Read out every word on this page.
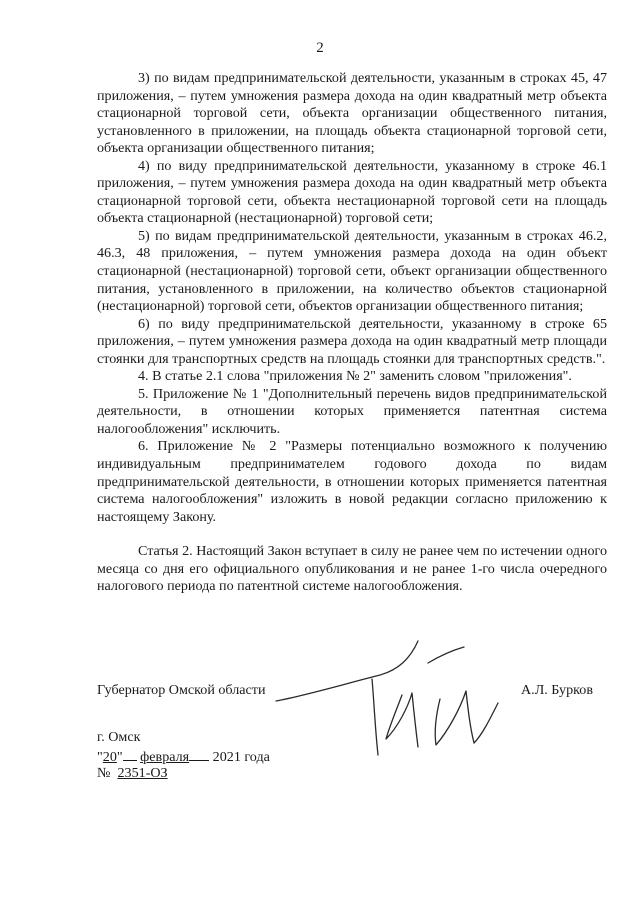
2

3) по видам предпринимательской деятельности, указанным в строках 45, 47 приложения, – путем умножения размера дохода на один квадратный метр объекта стационарной торговой сети, объекта организации общественного питания, установленного в приложении, на площадь объекта стационарной торговой сети, объекта организации общественного питания;

4) по виду предпринимательской деятельности, указанному в строке 46.1 приложения, – путем умножения размера дохода на один квадратный метр объекта стационарной торговой сети, объекта нестационарной торговой сети на площадь объекта стационарной (нестационарной) торговой сети;

5) по видам предпринимательской деятельности, указанным в строках 46.2, 46.3, 48 приложения, – путем умножения размера дохода на один объект стационарной (нестационарной) торговой сети, объект организации общественного питания, установленного в приложении, на количество объектов стационарной (нестационарной) торговой сети, объектов организации общественного питания;

6) по виду предпринимательской деятельности, указанному в строке 65 приложения, – путем умножения размера дохода на один квадратный метр площади стоянки для транспортных средств на площадь стоянки для транспортных средств.".

4. В статье 2.1 слова "приложения № 2" заменить словом "приложения".

5. Приложение № 1 "Дополнительный перечень видов предпринимательской деятельности, в отношении которых применяется патентная система налогообложения" исключить.

6. Приложение № 2 "Размеры потенциально возможного к получению индивидуальным предпринимателем годового дохода по видам предпринимательской деятельности, в отношении которых применяется патентная система налогообложения" изложить в новой редакции согласно приложению к настоящему Закону.

Статья 2. Настоящий Закон вступает в силу не ранее чем по истечении одного месяца со дня его официального опубликования и не ранее 1-го числа очередного налогового периода по патентной системе налогообложения.

Губернатор Омской области	А.Л. Бурков
г. Омск
"20" февраля 2021 года
№ 2351-ОЗ
